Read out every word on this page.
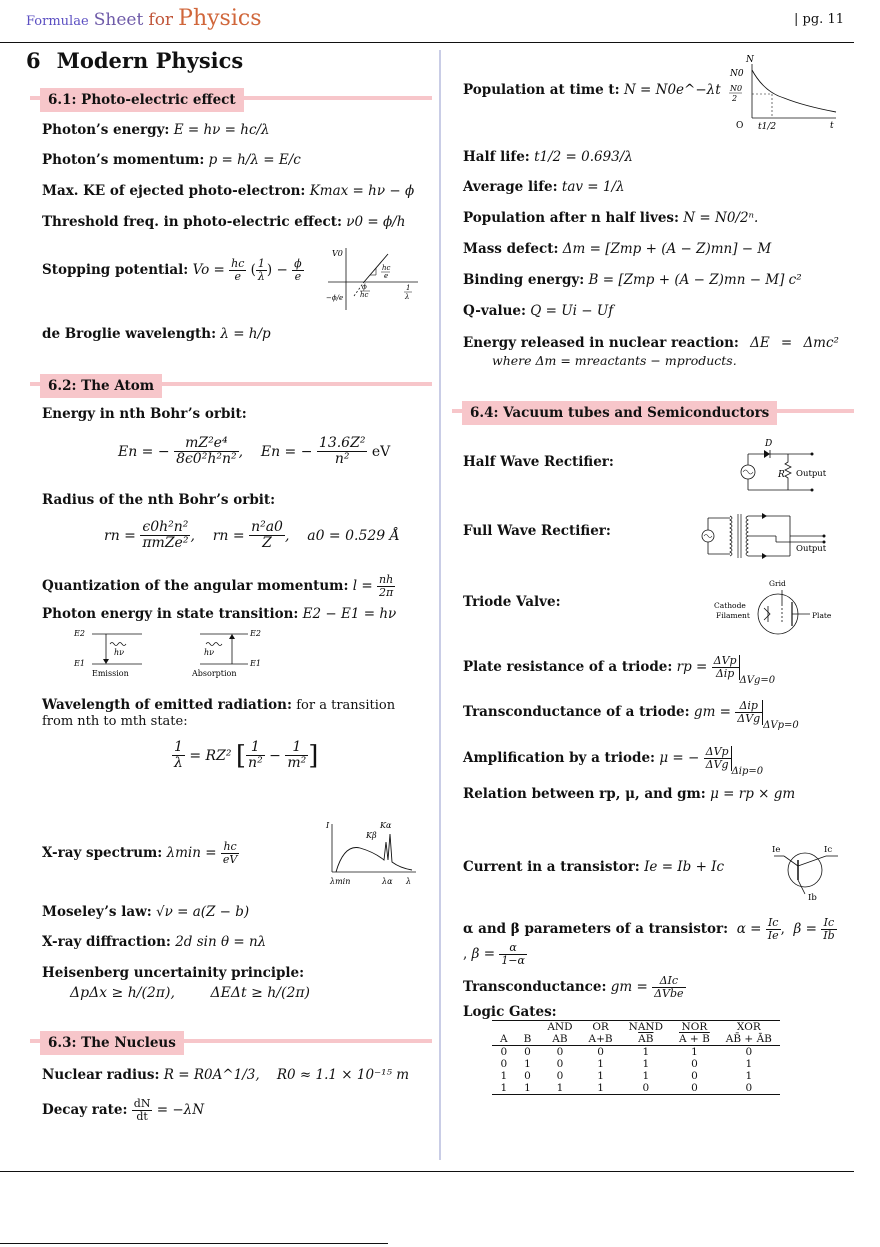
Formulae Sheet for Physics	| pg. 11
6 Modern Physics
6.1: Photo-electric effect
Photon’s energy: E = hν = hc/λ
Photon’s momentum: p = h/λ = E/c
Max. KE of ejected photo-electron: Kmax = hν − ϕ
Threshold freq. in photo-electric effect: ν0 = ϕ/h
Stopping potential: $Vo = \frac{hc}{e}$ ( $\frac{1}{\lambda}$ ) − $\frac{\phi}{e}$
V0
hc
e
ϕ
hc
1
λ
−ϕ/e
de Broglie wavelength: λ = h/p
6.2: The Atom
Energy in nth Bohr’s orbit:
En = − $\frac{\text{mZ²e⁴}}{\text{8ϵ0²h²n²}}$ ,    En = − $\frac{\text{13.6Z²}}{\text{n²}}$ eV
Radius of the nth Bohr’s orbit:
rn = $\frac{\text{ϵ0h²n²}}{\text{πmZe²}}$ ,    rn = $\frac{\text{n²a0}}{Z}$ ,    a0 = 0.529 Å
Quantization of the angular momentum: $l = \frac{nh}{2\pi}$
Photon energy in state transition: E2 − E1 = hν
E2
E1
hν
Emission
E2
E1
hν
Absorption
Wavelength of emitted radiation: for a transition from nth to mth state:
$\frac{1}{\lambda} = RZ^2$ [ $\frac{1}{\text{n²}} - \frac{1}{\text{m²}}$ ]
X-ray spectrum: $\lambda\min = \frac{hc}{eV}$
I	Kα
Kβ
λmin	λα λ
Moseley’s law: √ν = a(Z − b)
X-ray diffraction: 2d sin θ = nλ
Heisenberg uncertainity principle:
ΔpΔx ≥ h/(2π),	ΔEΔt ≥ h/(2π)
6.3: The Nucleus
Nuclear radius: R = R0A^1/3, R0 ≈ 1.1 × 10⁻¹⁵ m
Decay rate: $\frac{dN}{dt} = -\lambda N$
Population at time t: N = N0e^−λt
N
N0
N0
2
O t1/2	t
Half life: t1/2 = 0.693/λ
Average life: tav = 1/λ
Population after n half lives: N = N0/2ⁿ.
Mass defect: Δm = [Zmp + (A − Z)mn] − M
Binding energy: B = [Zmp + (A − Z)mn − M] c²
Q-value: Q = Ui − Uf
Energy released in nuclear reaction: ΔE = Δmc²
where Δm = mreactants − mproducts.
6.4: Vacuum tubes and Semiconductors
Half Wave Rectifier:
D
R Output
Full Wave Rectifier:
Output
Triode Valve:
Grid
Cathode
Filament	Plate
Plate resistance of a triode: rp = $\frac{\text{ΔVp}}{\text{Δip}}$
$_{\Delta Vg=0}$
Transconductance of a triode: gm = $\frac{\text{Δip}}{\text{ΔVg}}$
$_{\Delta Vp=0}$
Amplification by a triode: μ = − $\frac{\text{ΔVp}}{\text{ΔVg}}$
$_{\Delta ip=0}$
Relation between rp, μ, and gm: μ = rp × gm
Current in a transistor: Ie = Ib + Ic
Ie	Ic
Ib
α and β parameters of a transistor: $\alpha = \frac{Ic}{Ie}$ ,  $\beta = \frac{Ic}{Ib}$
, $\beta = \frac{\alpha}{1-\alpha}$
Transconductance: gm = $\frac{\text{ΔIc}}{\text{ΔVbe}}$
Logic Gates:
		AND	OR	NAND	NOR	XOR
A	B	AB	A+B	$\overline{AB}$	A + B	AB̄ + ĀB
0	0	0	0	1	1	0
0	1	0	1	1	0	1
1	0	0	1	1	0	1
1	1	1	1	0	0	0
